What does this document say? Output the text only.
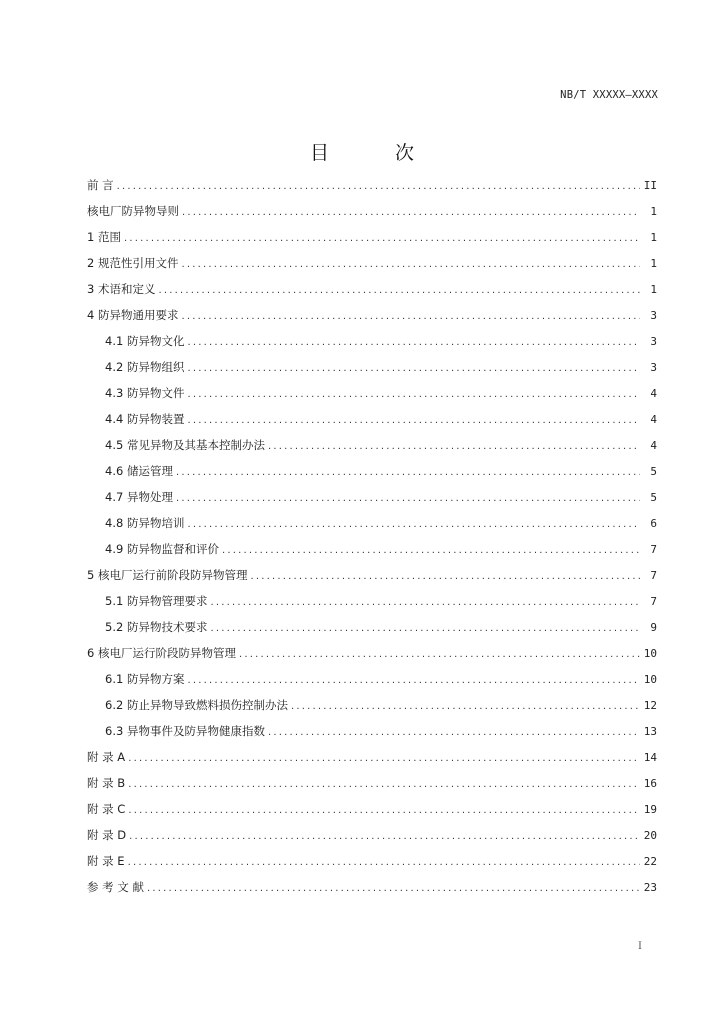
NB/T XXXXX—XXXX
目 次
前 言 .....	II
核电厂防异物导则 .....	1
1 范围 .....	1
2 规范性引用文件 .....	1
3 术语和定义 .....	1
4 防异物通用要求 .....	3
4.1 防异物文化 .....	3
4.2 防异物组织 .....	3
4.3 防异物文件 .....	4
4.4 防异物装置 .....	4
4.5 常见异物及其基本控制办法 .....	4
4.6 储运管理 .....	5
4.7 异物处理 .....	5
4.8 防异物培训 .....	6
4.9 防异物监督和评价 .....	7
5 核电厂运行前阶段防异物管理 .....	7
5.1 防异物管理要求 .....	7
5.2 防异物技术要求 .....	9
6 核电厂运行阶段防异物管理 .....	10
6.1 防异物方案 .....	10
6.2 防止异物导致燃料损伤控制办法 .....	12
6.3 异物事件及防异物健康指数 .....	13
附 录 A .....	14
附 录 B .....	16
附 录 C .....	19
附 录 D .....	20
附 录 E .....	22
参 考 文 献 .....	23
I
